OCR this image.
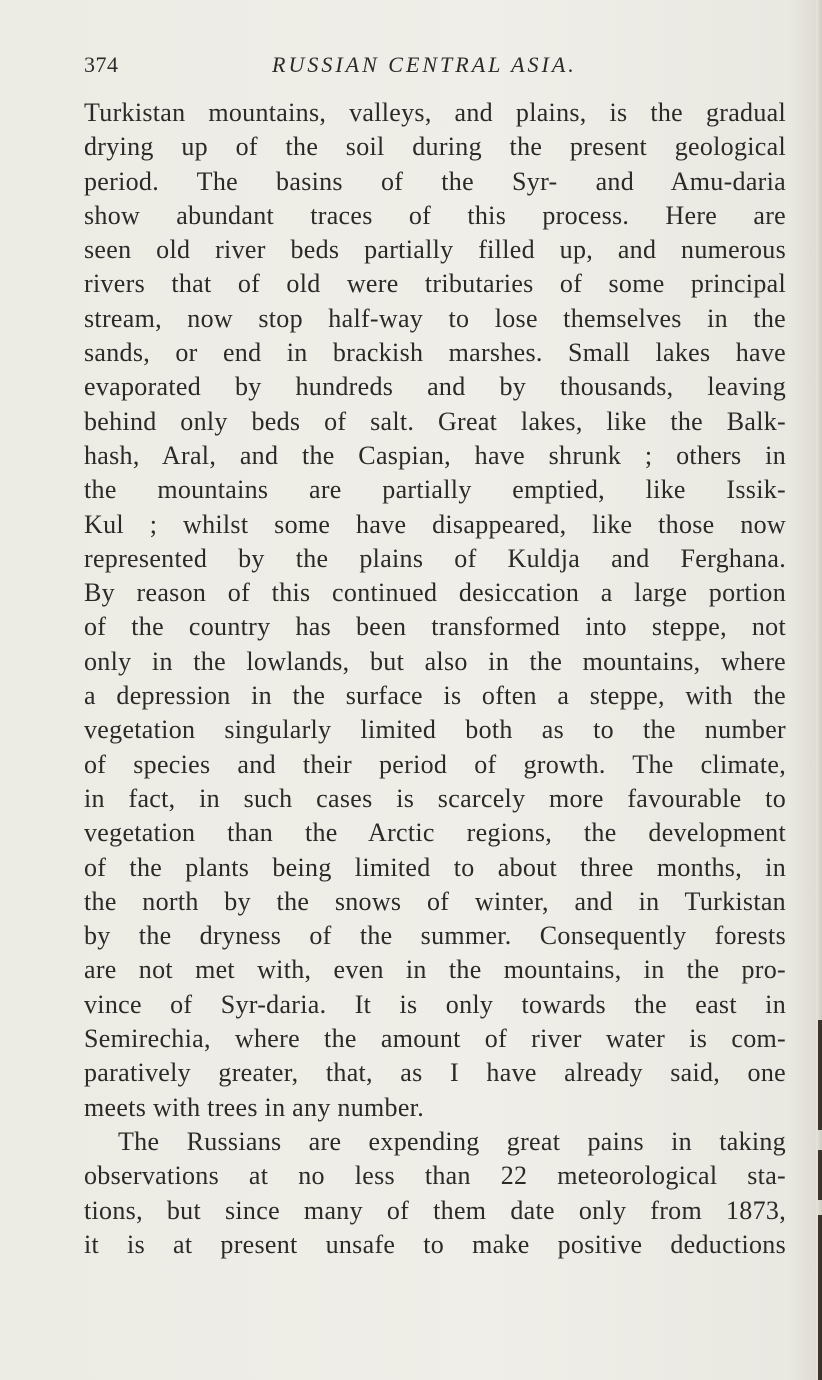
374	RUSSIAN CENTRAL ASIA.
Turkistan mountains, valleys, and plains, is the gradual
drying up of the soil during the present geological
period. The basins of the Syr- and Amu-daria
show abundant traces of this process. Here are
seen old river beds partially filled up, and numerous
rivers that of old were tributaries of some principal
stream, now stop half-way to lose themselves in the
sands, or end in brackish marshes. Small lakes have
evaporated by hundreds and by thousands, leaving
behind only beds of salt. Great lakes, like the Balk-
hash, Aral, and the Caspian, have shrunk ; others in
the mountains are partially emptied, like Issik-
Kul ; whilst some have disappeared, like those now
represented by the plains of Kuldja and Ferghana.
By reason of this continued desiccation a large portion
of the country has been transformed into steppe, not
only in the lowlands, but also in the mountains, where
a depression in the surface is often a steppe, with the
vegetation singularly limited both as to the number
of species and their period of growth. The climate,
in fact, in such cases is scarcely more favourable to
vegetation than the Arctic regions, the development
of the plants being limited to about three months, in
the north by the snows of winter, and in Turkistan
by the dryness of the summer. Consequently forests
are not met with, even in the mountains, in the pro-
vince of Syr-daria. It is only towards the east in
Semirechia, where the amount of river water is com-
paratively greater, that, as I have already said, one
meets with trees in any number.
The Russians are expending great pains in taking
observations at no less than 22 meteorological sta-
tions, but since many of them date only from 1873,
it is at present unsafe to make positive deductions
